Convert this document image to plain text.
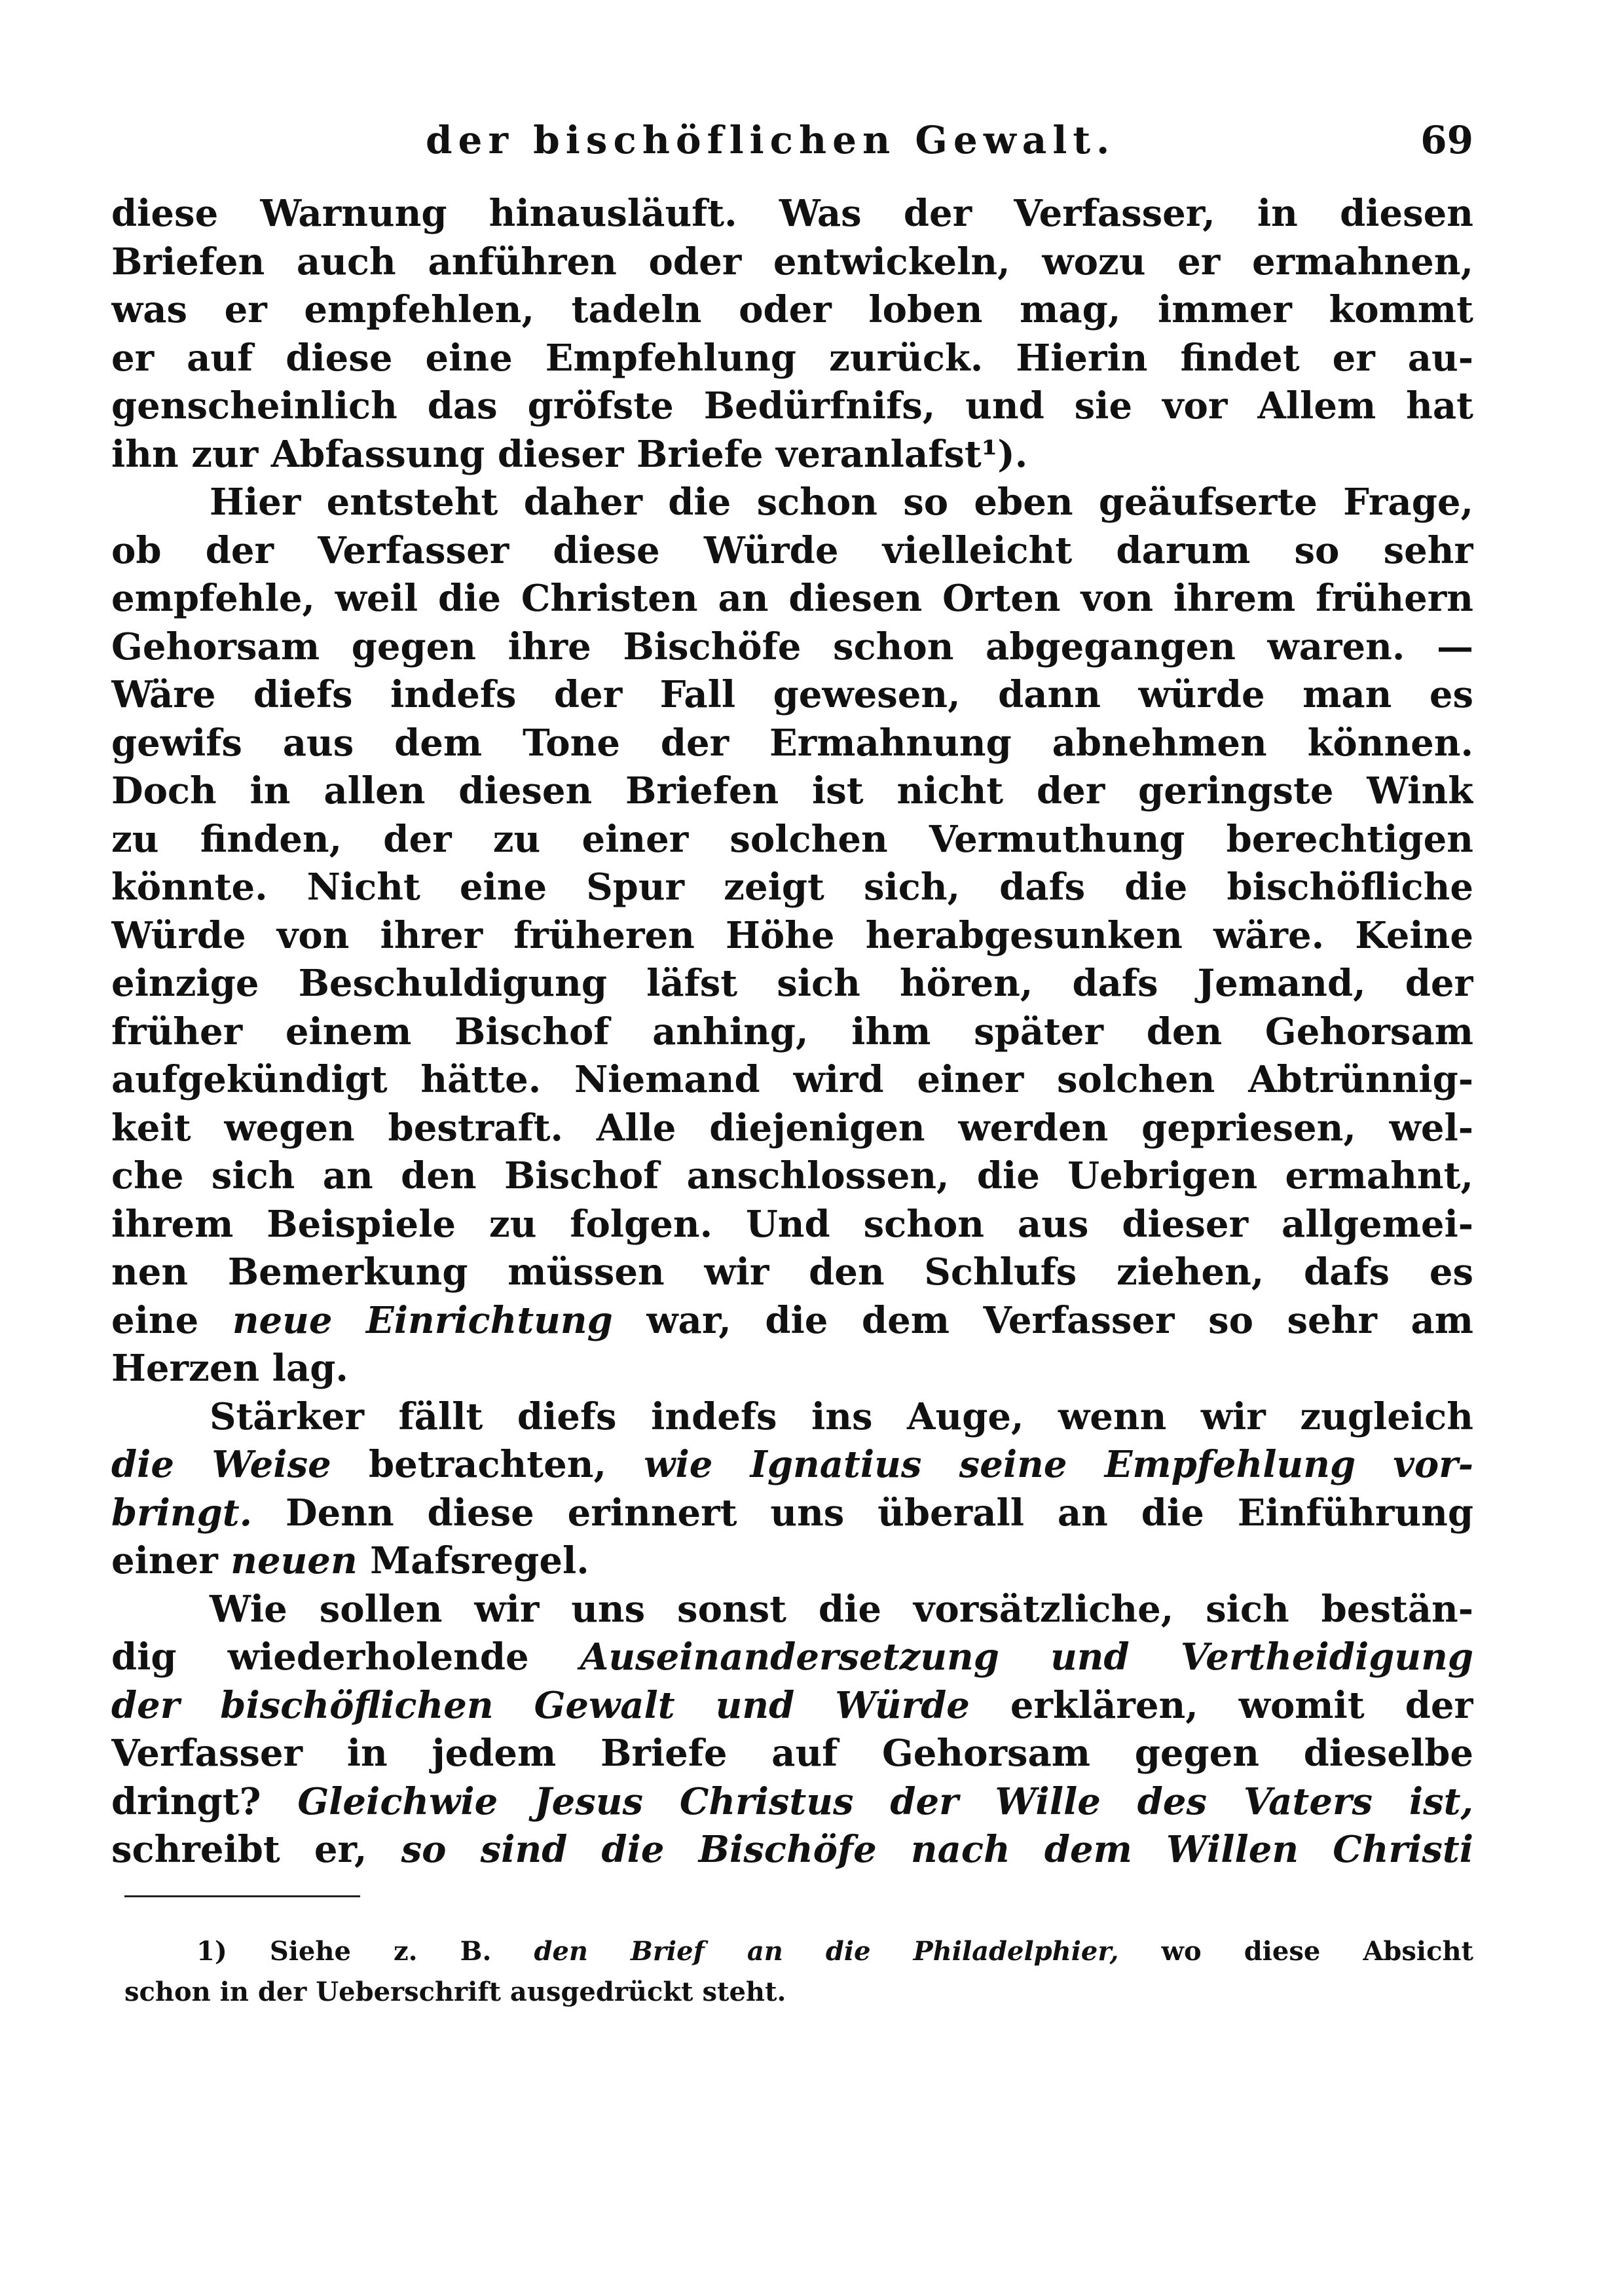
der bischöflichen Gewalt.	69
diese Warnung hinausläuft. Was der Verfasser, in diesen
Briefen auch anführen oder entwickeln, wozu er ermahnen,
was er empfehlen, tadeln oder loben mag, immer kommt
er auf diese eine Empfehlung zurück. Hierin findet er au-
genscheinlich das gröfste Bedürfnifs, und sie vor Allem hat
ihn zur Abfassung dieser Briefe veranlafst¹).
Hier entsteht daher die schon so eben geäufserte Frage,
ob der Verfasser diese Würde vielleicht darum so sehr
empfehle, weil die Christen an diesen Orten von ihrem frühern
Gehorsam gegen ihre Bischöfe schon abgegangen waren. —
Wäre diefs indefs der Fall gewesen, dann würde man es
gewifs aus dem Tone der Ermahnung abnehmen können.
Doch in allen diesen Briefen ist nicht der geringste Wink
zu finden, der zu einer solchen Vermuthung berechtigen
könnte. Nicht eine Spur zeigt sich, dafs die bischöfliche
Würde von ihrer früheren Höhe herabgesunken wäre. Keine
einzige Beschuldigung läfst sich hören, dafs Jemand, der
früher einem Bischof anhing, ihm später den Gehorsam
aufgekündigt hätte. Niemand wird einer solchen Abtrünnig-
keit wegen bestraft. Alle diejenigen werden gepriesen, wel-
che sich an den Bischof anschlossen, die Uebrigen ermahnt,
ihrem Beispiele zu folgen. Und schon aus dieser allgemei-
nen Bemerkung müssen wir den Schlufs ziehen, dafs es
eine neue Einrichtung war, die dem Verfasser so sehr am
Herzen lag.
Stärker fällt diefs indefs ins Auge, wenn wir zugleich
die Weise betrachten, wie Ignatius seine Empfehlung vor-
bringt. Denn diese erinnert uns überall an die Einführung
einer neuen Mafsregel.
Wie sollen wir uns sonst die vorsätzliche, sich bestän-
dig wiederholende Auseinandersetzung und Vertheidigung
der bischöflichen Gewalt und Würde erklären, womit der
Verfasser in jedem Briefe auf Gehorsam gegen dieselbe
dringt? Gleichwie Jesus Christus der Wille des Vaters ist,
schreibt er, so sind die Bischöfe nach dem Willen Christi
1) Siehe z. B. den Brief an die Philadelphier, wo diese Absicht
schon in der Ueberschrift ausgedrückt steht.
